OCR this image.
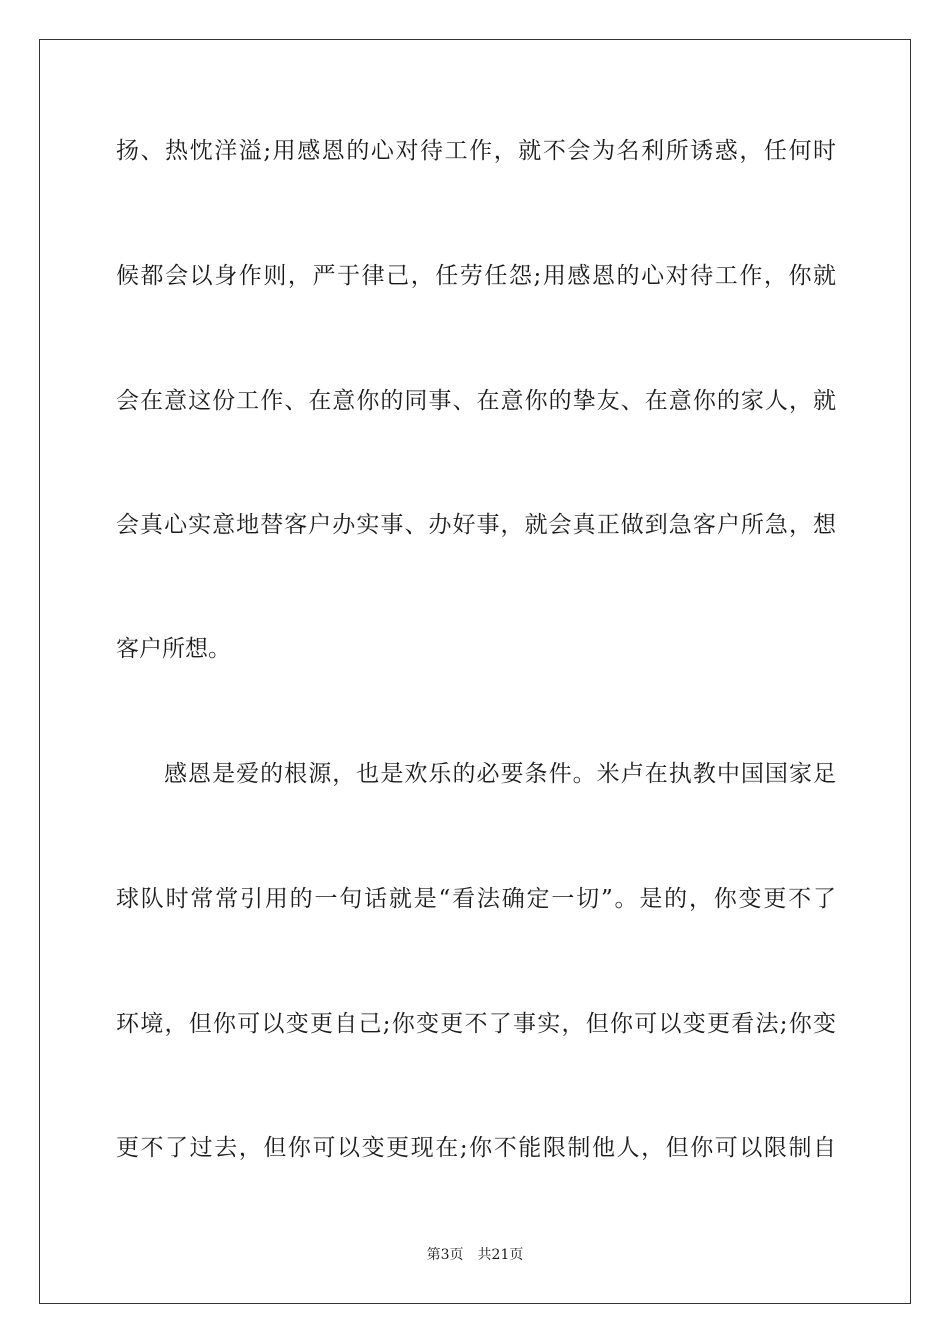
扬、热忱洋溢;用感恩的心对待工作，就不会为名利所诱惑，任何时
候都会以身作则，严于律己，任劳任怨;用感恩的心对待工作，你就
会在意这份工作、在意你的同事、在意你的挚友、在意你的家人，就
会真心实意地替客户办实事、办好事，就会真正做到急客户所急，想
客户所想。
感恩是爱的根源，也是欢乐的必要条件。米卢在执教中国国家足
球队时常常引用的一句话就是“看法确定一切”。是的，你变更不了
环境，但你可以变更自己;你变更不了事实，但你可以变更看法;你变
更不了过去，但你可以变更现在;你不能限制他人，但你可以限制自
第3页 共21页
